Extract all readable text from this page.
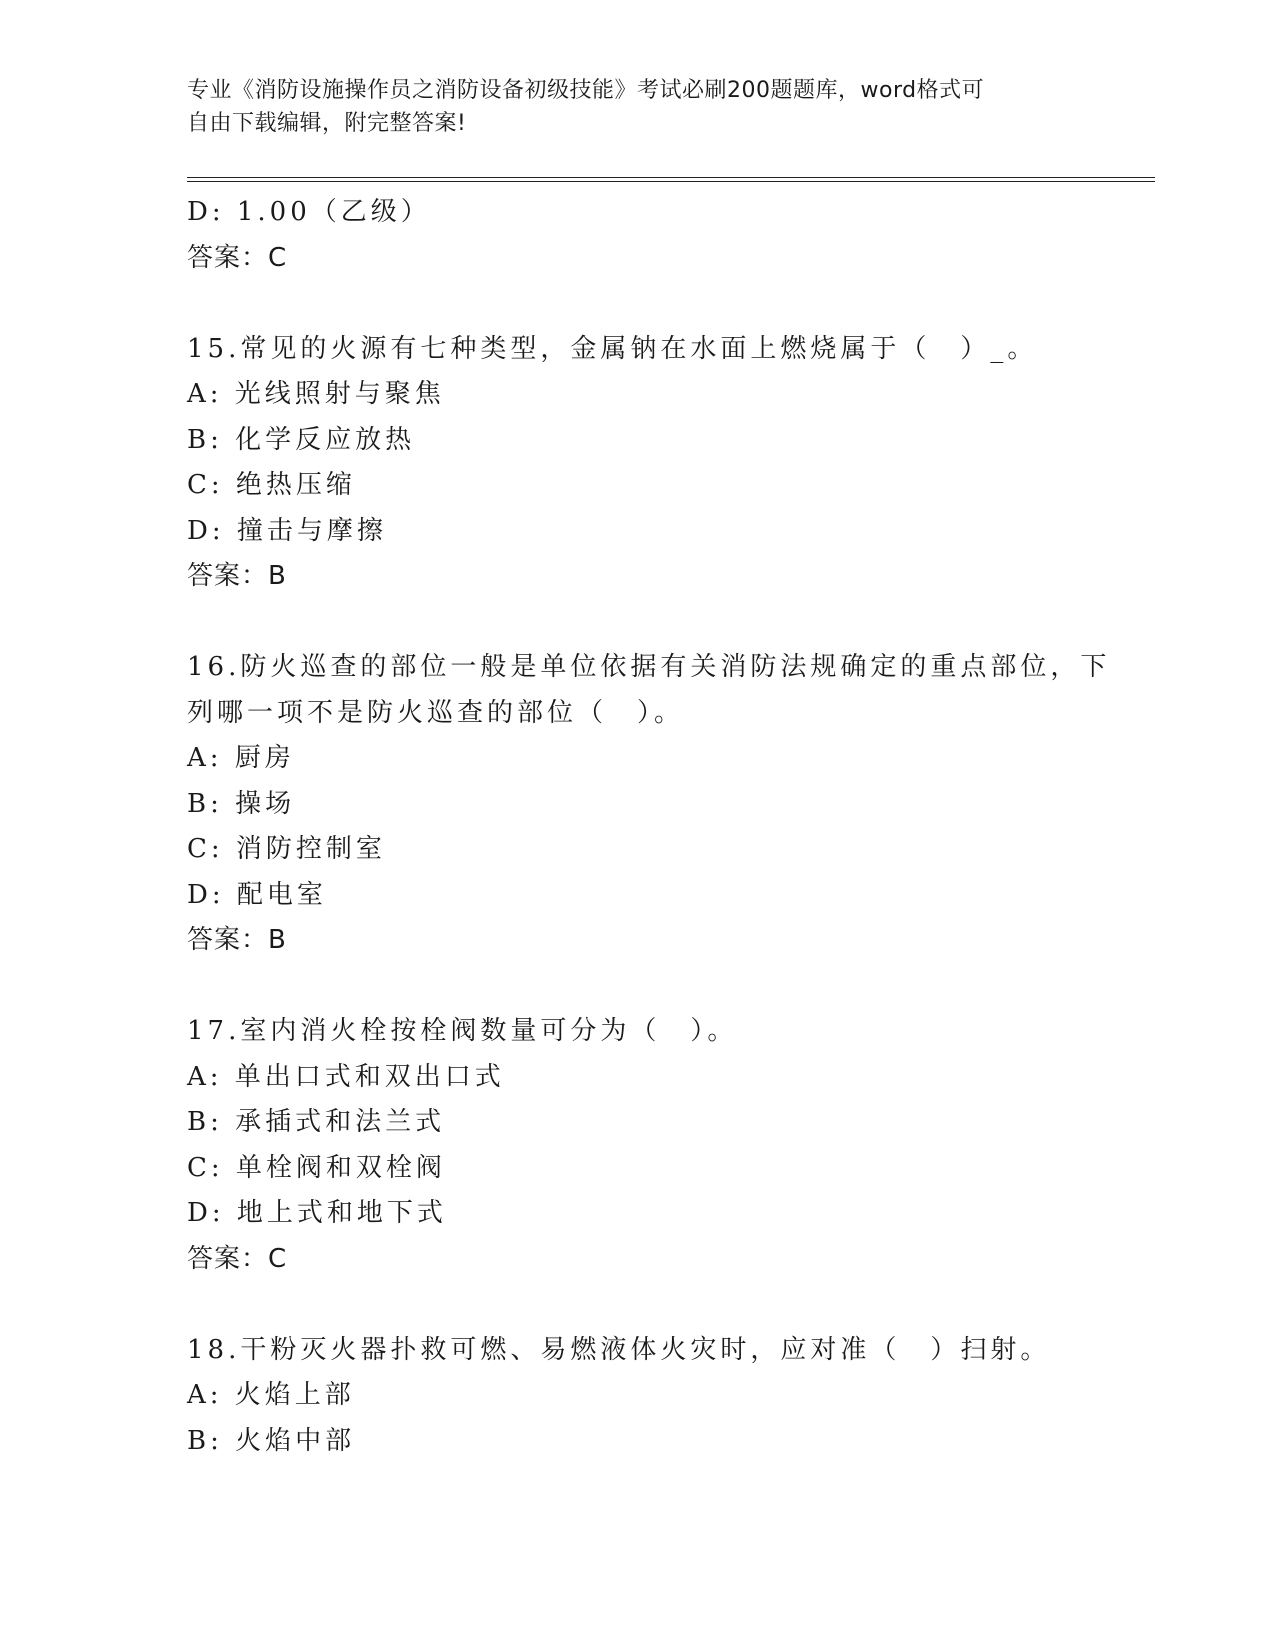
专业《消防设施操作员之消防设备初级技能》考试必刷200题题库，word格式可
自由下载编辑，附完整答案!

D: 1.00（乙级）

答案：C

15.常见的火源有七种类型，金属钠在水面上燃烧属于（　）_。

A: 光线照射与聚焦

B: 化学反应放热

C: 绝热压缩

D: 撞击与摩擦

答案：B

16.防火巡查的部位一般是单位依据有关消防法规确定的重点部位，下

列哪一项不是防火巡查的部位（　）。

A: 厨房

B: 操场

C: 消防控制室

D: 配电室

答案：B

17.室内消火栓按栓阀数量可分为（　）。

A: 单出口式和双出口式

B: 承插式和法兰式

C: 单栓阀和双栓阀

D: 地上式和地下式

答案：C

18.干粉灭火器扑救可燃、易燃液体火灾时，应对准（　）扫射。

A: 火焰上部

B: 火焰中部
